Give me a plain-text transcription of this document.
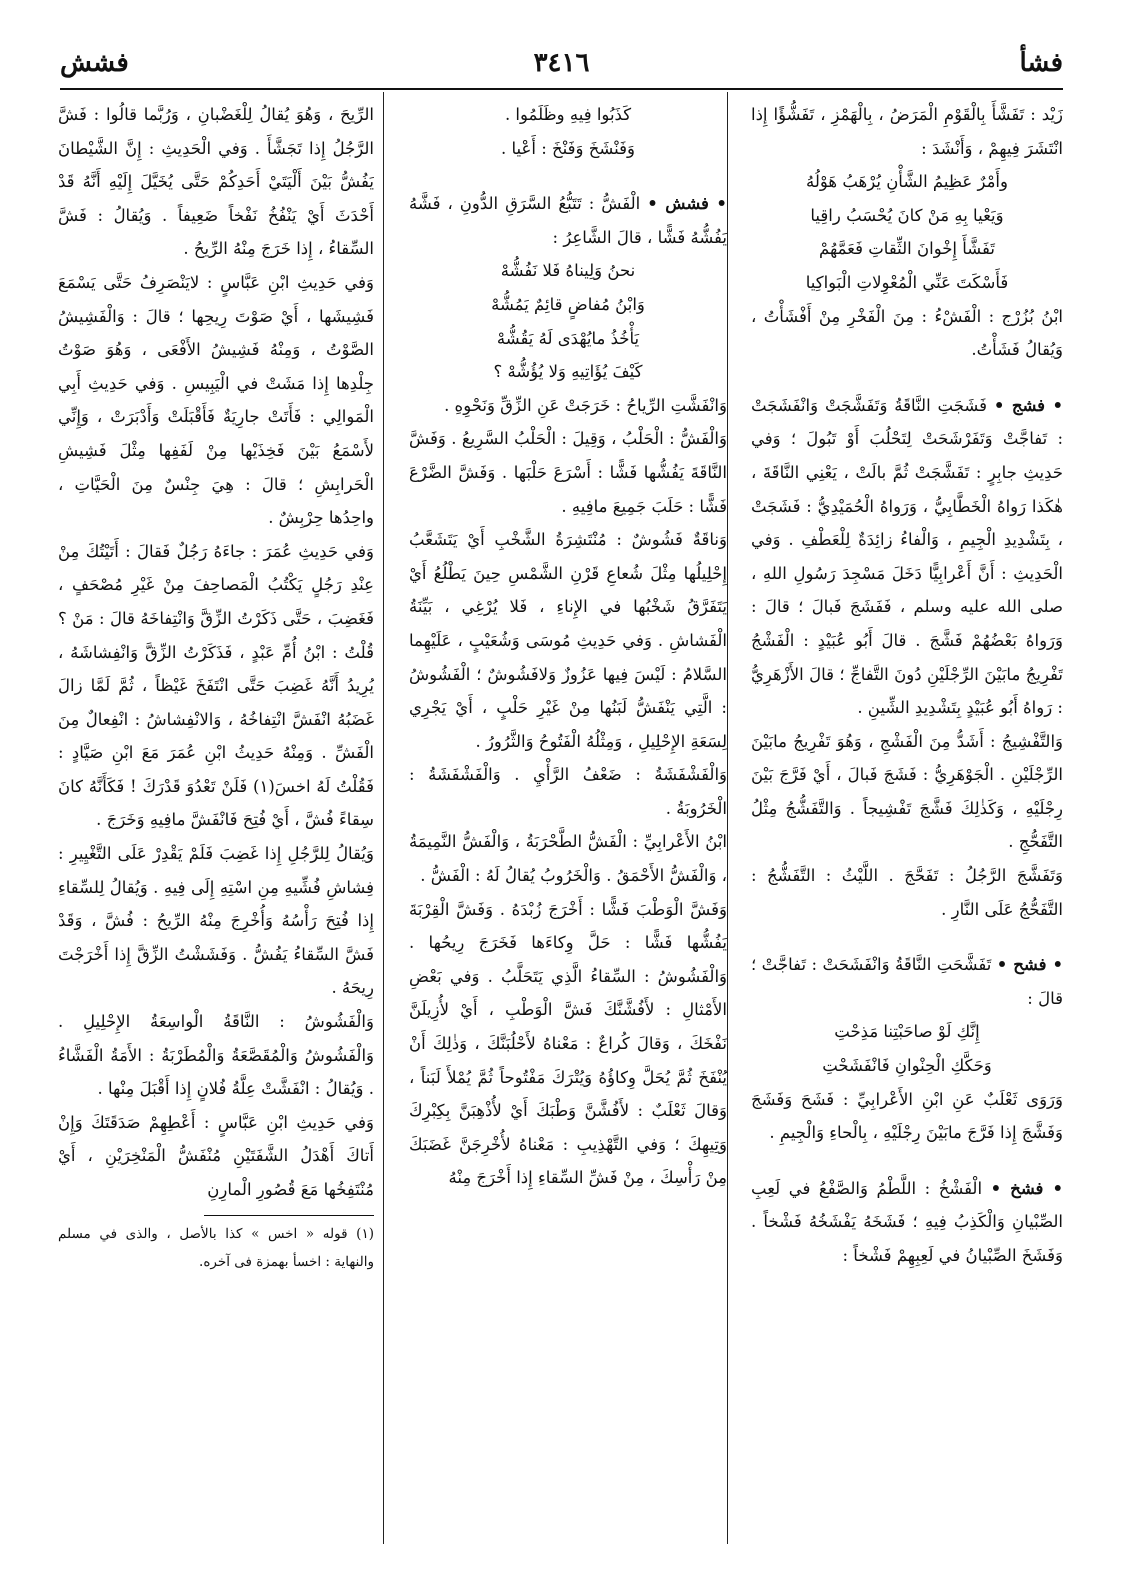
فشأ
٣٤١٦
فشش

زَيْد : تَفَشَّأَ بِالْقَوْمِ الْمَرَضُ ، بِالْهَمْزِ ، تَفَشُّؤًا إِذا انْتَشَرَ فِيهِمْ ، وَأَنْشَدَ :

وأَمْرٌ عَظِيمُ الشَّأْنِ يُرْهَبُ هَوْلُهُ

وَيَعْيا بِهِ مَنْ كانَ يُحْسَبُ راقِيا

تَفَشَّأَ إِخْوانَ الثِّقاتِ فَعَمَّهُمْ

فَأَسْكَتَ عَنِّي الْمُعْوِلاتِ الْبَواكِيا

ابْنُ بُزُرْج : الْفَشْءُ : مِنَ الْفَخْرِ مِنْ أَفْشَأْتُ ، وَيُقالُ فَشَأْتُ.

• فشج • فَشَجَتِ النَّاقَةُ وَتَفَشَّجَتْ وَانْفَشَجَتْ : تَفاجَّتْ وَتَفَرْشَحَتْ لِتَحْلُبَ أَوْ تَبُولَ ؛ وَفي حَدِيثِ جابِرٍ : تَفَشَّجَتْ ثُمَّ بالَتْ ، يَعْنِي النَّاقَةَ ، هٰكَذا رَواهُ الْخَطَّابِيُّ ، وَرَواهُ الْحُمَيْدِيُّ : فَشَجَتْ ، بِتَشْدِيدِ الْجِيمِ ، وَالْفاءُ زائِدَةٌ لِلْعَطْفِ . وَفي الْحَدِيثِ : أَنَّ أَعْرابِيًّا دَخَلَ مَسْجِدَ رَسُولِ اللهِ ، صلى الله عليه وسلم ، فَفَشَجَ فَبالَ ؛ قالَ : وَرَواهُ بَعْضُهُمْ فَشَّجَ . قالَ أَبُو عُبَيْدٍ : الْفَشْجُ تَفْرِيجُ مابَيْنَ الرِّجْلَيْنِ دُونَ التَّفاجِّ ؛ قالَ الأَزْهَرِيُّ : رَواهُ أَبُو عُبَيْدٍ بِتَشْدِيدِ الشِّينِ .

وَالتَّفْشِيجُ : أَشَدُّ مِنَ الْفَشْجِ ، وَهُوَ تَفْرِيجُ مابَيْنَ الرِّجْلَيْنِ . الْجَوْهَرِيُّ : فَشَجَ فَبالَ ، أَيْ فَرَّجَ بَيْنَ رِجْلَيْهِ ، وَكَذٰلِكَ فَشَّجَ تَفْشِيجاً . وَالتَّفَشُّجُ مِثْلُ التَّفَحُّجِ .

وَتَفَشَّجَ الرَّجُلُ : تَفَحَّجَ . اللَّيْثُ : التَّفَشُّجُ : التَّفَحُّجُ عَلَى النَّارِ .

• فشح • تَفَشَّحَتِ النَّاقَةُ وَانْفَشَحَتْ : تَفاجَّتْ ؛ قالَ :

إِنَّكِ لَوْ صاحَبْتِنا مَذِحْتِ

وَحَكَّكِ الْحِنْوانِ فَانْفَشَحْتِ

وَرَوَى ثَعْلَبٌ عَنِ ابْنِ الأَعْرابِيِّ : فَشَحَ وَفَشَجَ وَفَشَّجَ إِذا فَرَّجَ مابَيْنَ رِجْلَيْهِ ، بِالْحاءِ وَالْجِيمِ .

• فشخ • الْفَشْخُ : اللَّطْمُ وَالصَّفْعُ في لَعِبِ الصِّبْيانِ وَالْكَذِبُ فِيهِ ؛ فَشَخَهُ يَفْشَخُهُ فَشْخاً . وَفَشَخَ الصِّبْيانُ في لَعِبِهِمْ فَشْخاً :

كَذَبُوا فِيهِ وظَلَمُوا .

وَفَنْشَخَ وَفَنْخَ : أَعْيا .

• فشش • الْفَشُّ : تَتَبُّعُ السَّرَقِ الدُّونِ ، فَشَّهُ يَفُشُّهُ فَشًّا ، قالَ الشَّاعِرُ :

نحنُ وَلِيناهُ فَلا نَفُشُّهْ

وَابْنُ مُفاضٍ قائِمٌ يَمُشُّهْ

يَأْخُذُ مايُهْدَى لَهُ يَقُشُّهْ

كَيْفَ يُؤَاتِيهِ وَلا يُؤُشُّهْ ؟

وَانْفَشَّتِ الرِّياحُ : خَرَجَتْ عَنِ الزِّقِّ وَنَحْوِهِ .

وَالْفَشُّ : الْحَلْبُ ، وَقِيلَ : الْحَلْبُ السَّرِيعُ . وَفَشَّ النَّاقَةَ يَفُشُّها فَشًّا : أَسْرَعَ حَلْبَها . وَفَشَّ الضَّرْعَ فَشًّا : حَلَبَ جَمِيعَ مافِيهِ .

وَناقَةٌ فَشُوشٌ : مُنْتَشِرَةُ الشَّخْبِ أَيْ يَتَشَعَّبُ إِحْلِيلُها مِثْلَ شُعاعِ قَرْنِ الشَّمْسِ حِينَ يَطْلُعُ أَيْ يَتَفَرَّقُ شَخْبُها في الإِناءِ ، فَلا يُرْغِي ، بَيِّنَةُ الْفَشاشِ . وَفي حَدِيثِ مُوسَى وَشُعَيْبٍ ، عَلَيْهِما السَّلامُ : لَيْسَ فِيها عَزُوزٌ وَلافَشُوشٌ ؛ الْفَشُوشُ : الَّتِي يَنْفَشُّ لَبَنُها مِنْ غَيْرِ حَلْبٍ ، أَيْ يَجْرِي لِسَعَةِ الإِحْلِيلِ ، وَمِثْلُهُ الْفَتُوحُ وَالثَّرُورُ .

وَالْفَشْفَشَةُ : ضَعْفُ الرَّأْيِ . وَالْفَشْفَشَةُ : الْخَرُوبَةُ .

ابْنُ الأَعْرابِيِّ : الْفَشُّ الطَّحْرَبَةُ ، وَالْفَشُّ النَّمِيمَةُ ، وَالْفَشُّ الأَحْمَقُ . وَالْخَرُوبُ يُقالُ لَهُ : الْفَشُّ .

وَفَشَّ الْوَطْبَ فَشًّا : أَخْرَجَ زُبْدَهُ . وَفَشَّ الْقِرْبَةَ يَفُشُّها فَشًّا : حَلَّ وِكاءَها فَخَرَجَ رِيحُها . وَالْفَشُوشُ : السِّقاءُ الَّذِي يَتَحَلَّبُ . وَفي بَعْضِ الأَمْثالِ : لأَفُشَّنَّكَ فَشَّ الْوَطْبِ ، أَيْ لأُزِيلَنَّ نَفْخَكَ ، وَقالَ كُراعٌ : مَعْناهُ لأَحْلُبَنَّكَ ، وَذٰلِكَ أَنْ يُنْفَخَ ثُمَّ يُحَلَّ وِكاؤُهُ وَيُتْرَكَ مَفْتُوحاً ثُمَّ يُمْلأَ لَبَناً ، وَقالَ ثَعْلَبٌ : لأَفُشَّنَّ وَطْبَكَ أَيْ لأُذْهِبَنَّ بِكِبْرِكَ وَتِيهِكَ ؛ وَفي التَّهْذِيبِ : مَعْناهُ لأُخْرِجَنَّ غَضَبَكَ مِنْ رَأْسِكَ ، مِنْ فَشِّ السِّقاءِ إِذا أَخْرَجَ مِنْهُ

الرِّيحَ ، وَهُوَ يُقالُ لِلْغَضْبانِ ، وَرُبَّما قالُوا : فَشَّ الرَّجُلُ إِذا تَجَشَّأَ . وَفي الْحَدِيثِ : إِنَّ الشَّيْطانَ يَفُشُّ بَيْنَ أَلْيَتَيْ أَحَدِكُمْ حَتَّى يُخَيَّلَ إِلَيْهِ أَنَّهُ قَدْ أَحْدَثَ أَيْ يَنْفُخُ نَفْخاً ضَعِيفاً . وَيُقالُ : فَشَّ السِّقاءُ ، إِذا خَرَجَ مِنْهُ الرِّيحُ .

وَفي حَدِيثِ ابْنِ عَبَّاسٍ : لايَنْصَرِفُ حَتَّى يَسْمَعَ فَشِيشَها ، أَيْ صَوْتَ رِيحِها ؛ قالَ : وَالْفَشِيشُ الصَّوْتُ ، وَمِنْهُ فَشِيشُ الأَفْعَى ، وَهُوَ صَوْتُ جِلْدِها إِذا مَشَتْ في الْيَبِيسِ . وَفي حَدِيثِ أَبِي الْمَوالِي : فَأَتَتْ جارِيَةٌ فَأَقْبَلَتْ وَأَدْبَرَتْ ، وَإِنِّي لأَسْمَعُ بَيْنَ فَخِذَيْها مِنْ لَفَفِها مِثْلَ فَشِيشِ الْحَرابِشِ ؛ قالَ : هِيَ جِنْسٌ مِنَ الْحَيَّاتِ ، واحِدُها حِرْبِشٌ .

وَفي حَدِيثِ عُمَرَ : جاءَهُ رَجُلٌ فَقالَ : أَتَيْتُكَ مِنْ عِنْدِ رَجُلٍ يَكْتُبُ الْمَصاحِفَ مِنْ غَيْرِ مُصْحَفٍ ، فَغَضِبَ ، حَتَّى ذَكَرْتُ الزِّقَّ وَانْتِفاخَهُ قالَ : مَنْ ؟ قُلْتُ : ابْنُ أُمِّ عَبْدٍ ، فَذَكَرْتُ الزِّقَّ وَانْفِشاشَهُ ، يُرِيدُ أَنَّهُ غَضِبَ حَتَّى انْتَفَخَ غَيْظاً ، ثُمَّ لَمَّا زالَ غَضَبُهُ انْفَشَّ انْتِفاخُهُ ، وَالانْفِشاشُ : انْفِعالٌ مِنَ الْفَشِّ . وَمِنْهُ حَدِيثُ ابْنِ عُمَرَ مَعَ ابْنِ صَيَّادٍ : فَقُلْتُ لَهُ اخسَ(١) فَلَنْ تَعْدُوَ قَدْرَكَ ! فَكَأَنَّهُ كانَ سِقاءً فُشَّ ، أَيْ فُتِحَ فَانْفَشَّ مافِيهِ وَخَرَجَ .

وَيُقالُ لِلرَّجُلِ إِذا غَضِبَ فَلَمْ يَقْدِرْ عَلَى التَّغْيِيرِ : فِشاشِ فُشِّيهِ مِنِ اسْتِهِ إِلَى فِيهِ . وَيُقالُ لِلسِّقاءِ إِذا فُتِحَ رَأْسُهُ وَأُخْرِجَ مِنْهُ الرِّيحُ : فُشَّ ، وَقَدْ فَشَّ السِّقاءُ يَفُشُّ . وَفَشَشْتُ الزِّقَّ إِذا أَخْرَجْتَ رِيحَهُ .

وَالْفَشُوشُ : النَّاقَةُ الْواسِعَةُ الإِحْلِيلِ . وَالْفَشُوشُ وَالْمُقَصَّعَةُ وَالْمُطَرْبَةُ : الأَمَةُ الْفَشَّاءُ . وَيُقالُ : انْفَشَّتْ عِلَّةُ فُلانٍ إِذا أَقْبَلَ مِنْها .

وَفي حَدِيثِ ابْنِ عَبَّاسٍ : أَعْطِهِمْ صَدَقَتَكَ وَإِنْ أَتاكَ أَهْدَلُ الشَّفَتَيْنِ مُنْفَشُّ الْمَنْخِرَيْنِ ، أَيْ مُنْتَفِخُها مَعَ قُصُورِ الْمارِنِ

(١) قوله « اخس » كذا بالأصل ، والذى في مسلم والنهاية : اخسأ بهمزة فى آخره.
